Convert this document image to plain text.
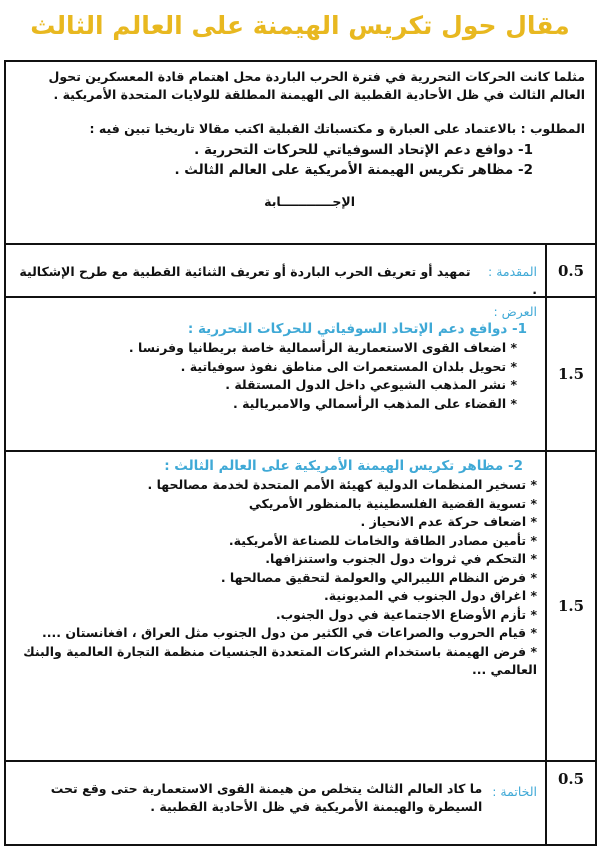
مقال حول تكريس الهيمنة على العالم الثالث
مثلما كانت الحركات التحررية في فترة الحرب الباردة محل اهتمام قادة المعسكرين تحول العالم الثالث في ظل الأحادية القطبية الى الهيمنة المطلقة للولايات المتحدة الأمريكية .
المطلوب : بالاعتماد على العبارة و مكتسباتك القبلية اكتب مقالا تاريخيا تبين فيه :
1- دوافع دعم الإتحاد السوفياتي للحركات التحررية .
2- مظاهر تكريس الهيمنة الأمريكية على العالم الثالث .
الإجــــــــــــابة
0.5
المقدمة :    تمهيد أو تعريف الحرب الباردة أو تعريف الثنائية القطبية مع طرح الإشكالية .
1.5
العرض :
1- دوافع دعم الإتحاد السوفياتي للحركات التحررية :
* اضعاف القوى الاستعمارية الرأسمالية خاصة بريطانيا وفرنسا .
* تحويل بلدان المستعمرات الى مناطق نفوذ سوفياتية .
* نشر المذهب الشيوعي داخل الدول المستقلة .
* القضاء على المذهب الرأسمالي والامبريالية .
1.5
2- مظاهر تكريس الهيمنة الأمريكية على العالم الثالث :
* تسخير المنظمات الدولية كهيئة الأمم المتحدة لخدمة مصالحها .
* تسوية القضية الفلسطينية بالمنظور الأمريكي
* اضعاف حركة عدم الانحياز .
* تأمين مصادر الطاقة والخامات للصناعة الأمريكية.
* التحكم في ثروات دول الجنوب واستنزافها.
* فرض النظام الليبرالي والعولمة لتحقيق مصالحها .
* اغراق دول الجنوب في المديونية.
* تأزم الأوضاع الاجتماعية في دول الجنوب.
* قيام الحروب والصراعات في الكثير من دول الجنوب مثل العراق ، افغانستان ....
* فرض الهيمنة باستخدام الشركات المتعددة الجنسيات منظمة التجارة العالمية والبنك العالمي ...
0.5
الخاتمة :
ما كاد العالم الثالث يتخلص من هيمنة القوى الاستعمارية حتى وقع تحت السيطرة والهيمنة الأمريكية في ظل الأحادية القطبية .
